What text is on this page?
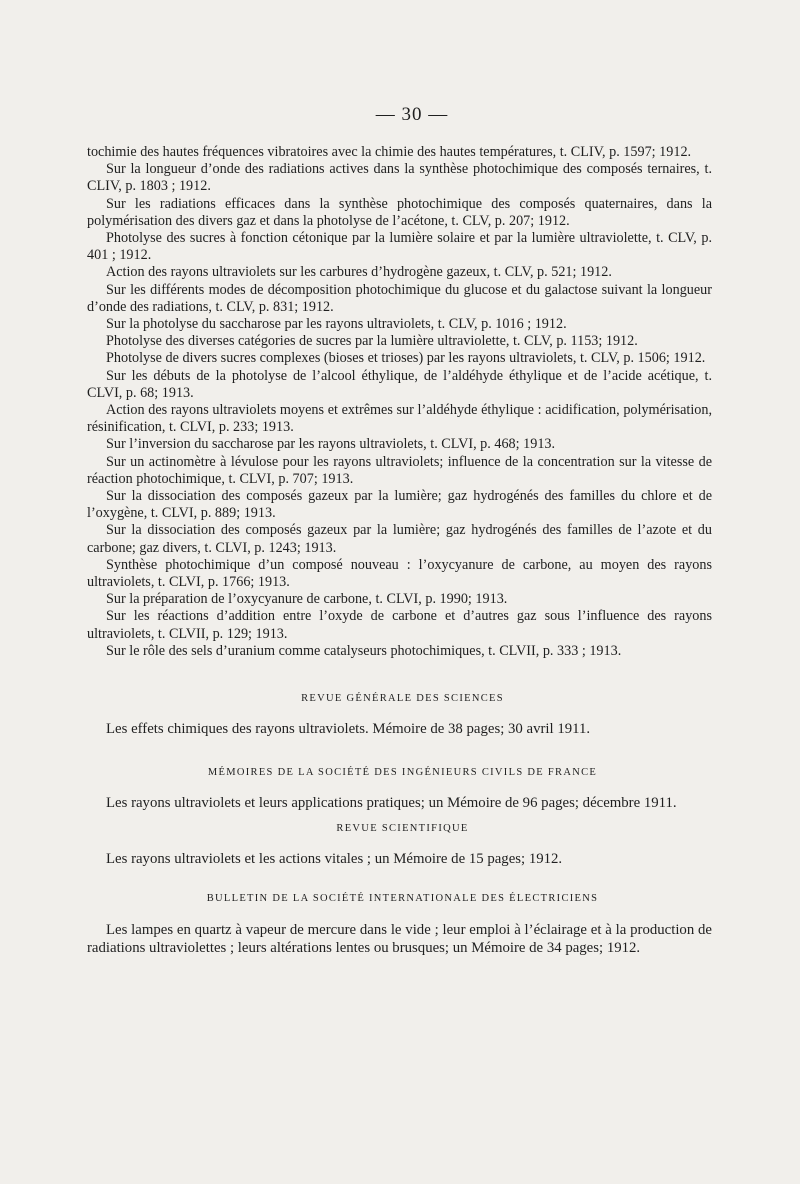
— 30 —

tochimie des hautes fréquences vibratoires avec la chimie des hautes températures, t. CLIV, p. 1597; 1912.

Sur la longueur d’onde des radiations actives dans la synthèse photochimique des composés ternaires, t. CLIV, p. 1803 ; 1912.

Sur les radiations efficaces dans la synthèse photochimique des composés quaternaires, dans la polymérisation des divers gaz et dans la photolyse de l’acétone, t. CLV, p. 207; 1912.

Photolyse des sucres à fonction cétonique par la lumière solaire et par la lumière ultraviolette, t. CLV, p. 401 ; 1912.

Action des rayons ultraviolets sur les carbures d’hydrogène gazeux, t. CLV, p. 521; 1912.

Sur les différents modes de décomposition photochimique du glucose et du galactose suivant la longueur d’onde des radiations, t. CLV, p. 831; 1912.

Sur la photolyse du saccharose par les rayons ultraviolets, t. CLV, p. 1016 ; 1912.

Photolyse des diverses catégories de sucres par la lumière ultraviolette, t. CLV, p. 1153; 1912.

Photolyse de divers sucres complexes (bioses et trioses) par les rayons ultraviolets, t. CLV, p. 1506; 1912.

Sur les débuts de la photolyse de l’alcool éthylique, de l’aldéhyde éthylique et de l’acide acétique, t. CLVI, p. 68; 1913.

Action des rayons ultraviolets moyens et extrêmes sur l’aldéhyde éthylique : acidification, polymérisation, résinification, t. CLVI, p. 233; 1913.

Sur l’inversion du saccharose par les rayons ultraviolets, t. CLVI, p. 468; 1913.

Sur un actinomètre à lévulose pour les rayons ultraviolets; influence de la concentration sur la vitesse de réaction photochimique, t. CLVI, p. 707; 1913.

Sur la dissociation des composés gazeux par la lumière; gaz hydrogénés des familles du chlore et de l’oxygène, t. CLVI, p. 889; 1913.

Sur la dissociation des composés gazeux par la lumière; gaz hydrogénés des familles de l’azote et du carbone; gaz divers, t. CLVI, p. 1243; 1913.

Synthèse photochimique d’un composé nouveau : l’oxycyanure de carbone, au moyen des rayons ultraviolets, t. CLVI, p. 1766; 1913.

Sur la préparation de l’oxycyanure de carbone, t. CLVI, p. 1990; 1913.

Sur les réactions d’addition entre l’oxyde de carbone et d’autres gaz sous l’influence des rayons ultraviolets, t. CLVII, p. 129; 1913.

Sur le rôle des sels d’uranium comme catalyseurs photochimiques, t. CLVII, p. 333 ; 1913.

REVUE GÉNÉRALE DES SCIENCES

Les effets chimiques des rayons ultraviolets. Mémoire de 38 pages; 30 avril 1911.

MÉMOIRES DE LA SOCIÉTÉ DES INGÉNIEURS CIVILS DE FRANCE

Les rayons ultraviolets et leurs applications pratiques; un Mémoire de 96 pages; décembre 1911.

REVUE SCIENTIFIQUE

Les rayons ultraviolets et les actions vitales ; un Mémoire de 15 pages; 1912.

BULLETIN DE LA SOCIÉTÉ INTERNATIONALE DES ÉLECTRICIENS

Les lampes en quartz à vapeur de mercure dans le vide ; leur emploi à l’éclairage et à la production de radiations ultraviolettes ; leurs altérations lentes ou brusques; un Mémoire de 34 pages; 1912.
